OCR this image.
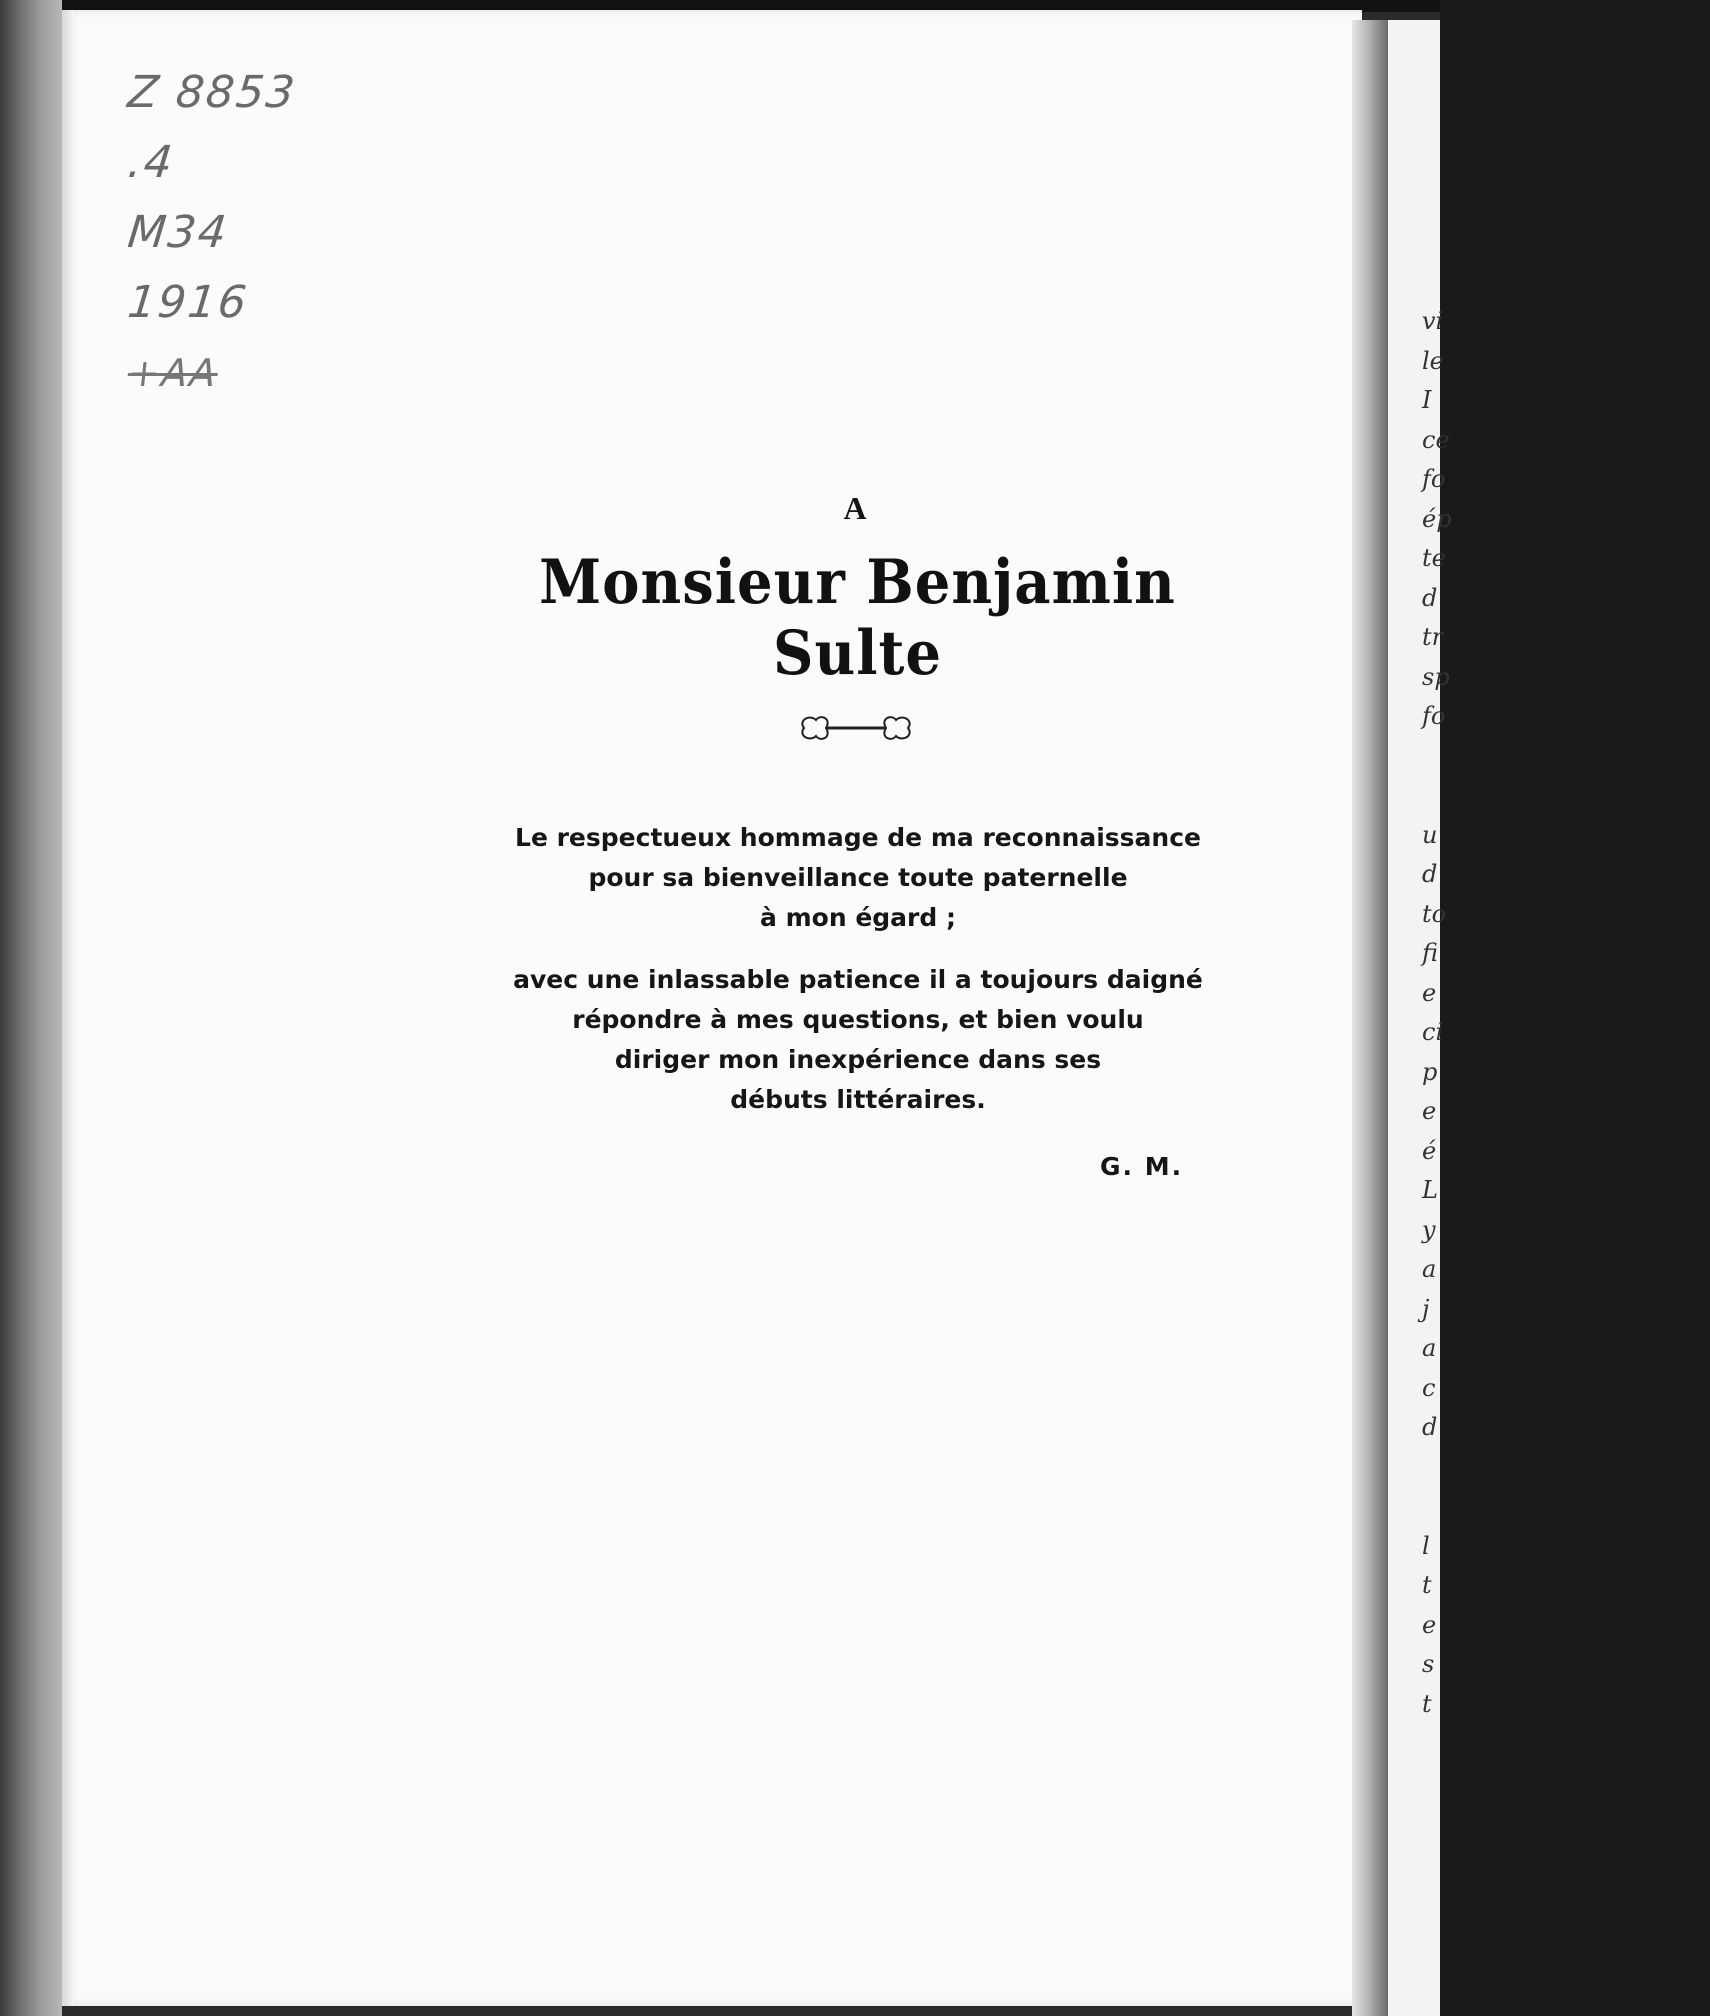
vi
le
I
ce
fo
ép
te
d
tr
sp
fo
u
d
to
fi
e
ci
p
e
é
L
y
a
j
a
c
d
l
t
e
s
t
Z 8853
.4
M34
1916
+AA
A
Monsieur Benjamin Sulte
Le respectueux hommage de ma reconnaissance
pour sa bienveillance toute paternelle
à mon égard ;
avec une inlassable patience il a toujours daigné
répondre à mes questions, et bien voulu
diriger mon inexpérience dans ses
débuts littéraires.
G. M.
